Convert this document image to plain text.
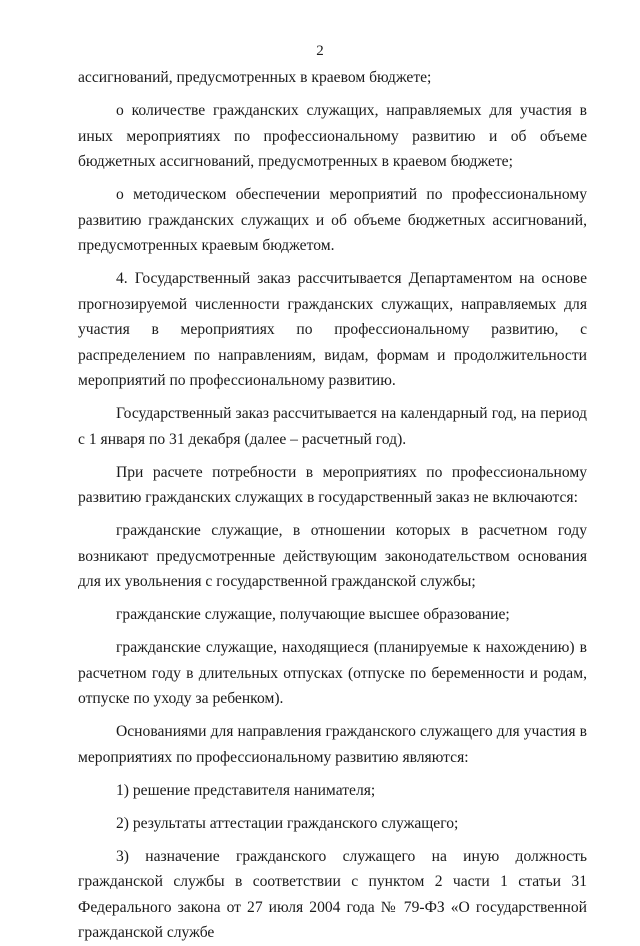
2

ассигнований, предусмотренных в краевом бюджете;

о количестве гражданских служащих, направляемых для участия в иных мероприятиях по профессиональному развитию и об объеме бюджетных ассигнований, предусмотренных в краевом бюджете;

о методическом обеспечении мероприятий по профессиональному развитию гражданских служащих и об объеме бюджетных ассигнований, предусмотренных краевым бюджетом.

4. Государственный заказ рассчитывается Департаментом на основе прогнозируемой численности гражданских служащих, направляемых для участия в мероприятиях по профессиональному развитию, с распределением по направлениям, видам, формам и продолжительности мероприятий по профессиональному развитию.

Государственный заказ рассчитывается на календарный год, на период с 1 января по 31 декабря (далее – расчетный год).

При расчете потребности в мероприятиях по профессиональному развитию гражданских служащих в государственный заказ не включаются:

гражданские служащие, в отношении которых в расчетном году возникают предусмотренные действующим законодательством основания для их увольнения с государственной гражданской службы;

гражданские служащие, получающие высшее образование;

гражданские служащие, находящиеся (планируемые к нахождению) в расчетном году в длительных отпусках (отпуске по беременности и родам, отпуске по уходу за ребенком).

Основаниями для направления гражданского служащего для участия в мероприятиях по профессиональному развитию являются:

1) решение представителя нанимателя;

2) результаты аттестации гражданского служащего;

3) назначение гражданского служащего на иную должность гражданской службы в соответствии с пунктом 2 части 1 статьи 31 Федерального закона от 27 июля 2004 года № 79-ФЗ «О государственной гражданской службе
